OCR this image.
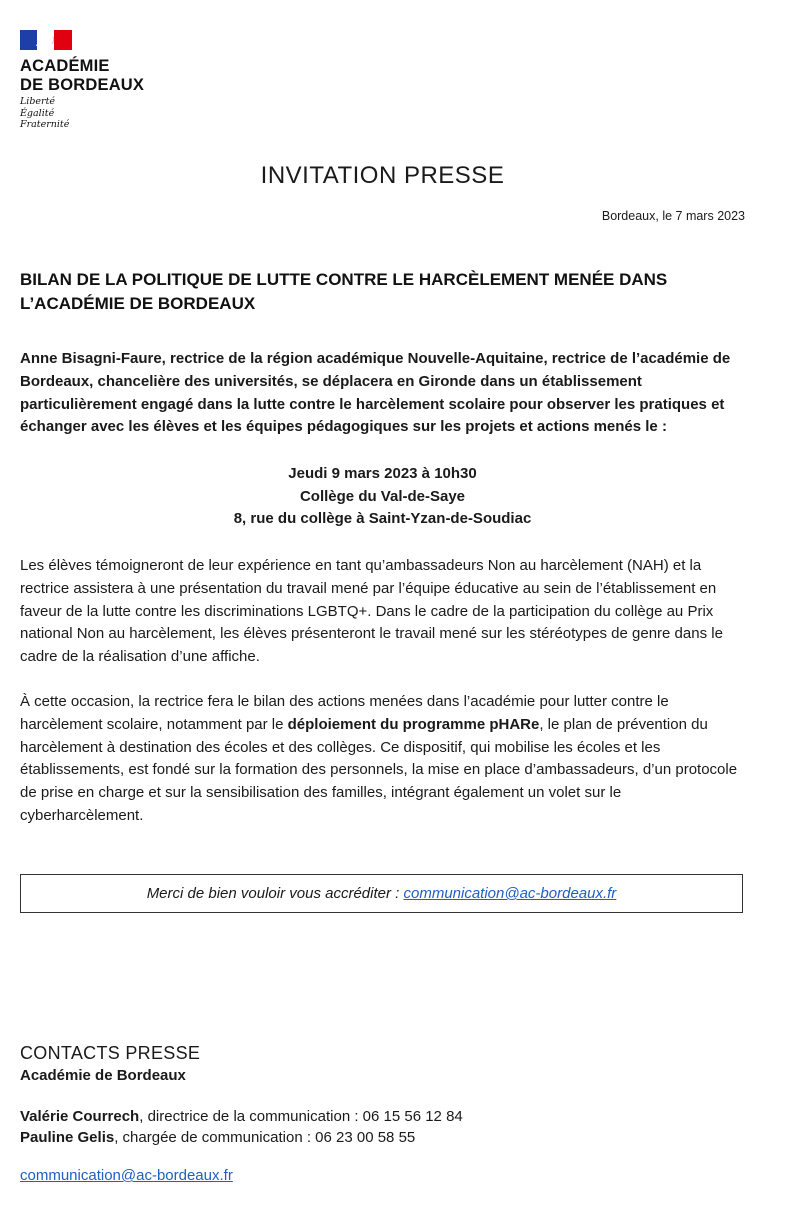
ACADÉMIE
DE BORDEAUX
Liberté
Égalité
Fraternité
INVITATION PRESSE
Bordeaux, le 7 mars 2023
BILAN DE LA POLITIQUE DE LUTTE CONTRE LE HARCÈLEMENT MENÉE DANS L’ACADÉMIE DE BORDEAUX
Anne Bisagni-Faure, rectrice de la région académique Nouvelle-Aquitaine, rectrice de l’académie de Bordeaux, chancelière des universités, se déplacera en Gironde dans un établissement particulièrement engagé dans la lutte contre le harcèlement scolaire pour observer les pratiques et échanger avec les élèves et les équipes pédagogiques sur les projets et actions menés le :
Jeudi 9 mars 2023 à 10h30
Collège du Val-de-Saye
8, rue du collège à Saint-Yzan-de-Soudiac
Les élèves témoigneront de leur expérience en tant qu’ambassadeurs Non au harcèlement (NAH) et la rectrice assistera à une présentation du travail mené par l’équipe éducative au sein de l’établissement en faveur de la lutte contre les discriminations LGBTQ+. Dans le cadre de la participation du collège au Prix national Non au harcèlement, les élèves présenteront le travail mené sur les stéréotypes de genre dans le cadre de la réalisation d’une affiche.
À cette occasion, la rectrice fera le bilan des actions menées dans l’académie pour lutter contre le harcèlement scolaire, notamment par le déploiement du programme pHARe, le plan de prévention du harcèlement à destination des écoles et des collèges. Ce dispositif, qui mobilise les écoles et les établissements, est fondé sur la formation des personnels, la mise en place d’ambassadeurs, d’un protocole de prise en charge et sur la sensibilisation des familles, intégrant également un volet sur le cyberharcèlement.
Merci de bien vouloir vous accréditer :
communication@ac-bordeaux.fr
CONTACTS PRESSE
Académie de Bordeaux
Valérie Courrech, directrice de la communication : 06 15 56 12 84
Pauline Gelis, chargée de communication : 06 23 00 58 55
communication@ac-bordeaux.fr
